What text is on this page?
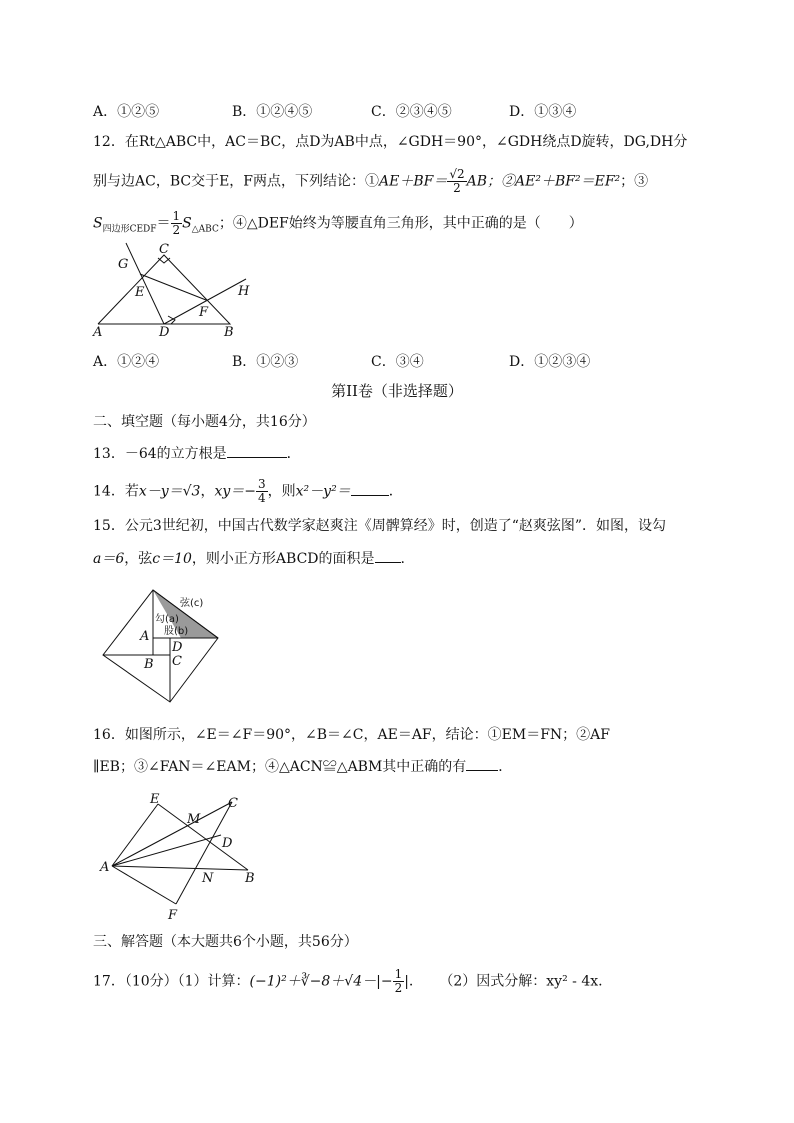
A．①②⑤	B．①②④⑤	C．②③④⑤	D．①③④
12．在Rt△ABC中，AC＝BC，点D为AB中点，∠GDH＝90°，∠GDH绕点D旋转，DG,DH分
别与边AC，BC交于E，F两点，下列结论：①AE＋BF＝ $\frac{√2}{2}$ AB；②AE²＋BF²＝EF²；③
$S_{四边形CEDF}= \frac{1}{2} S_{\triangle ABC}$；④△DEF始终为等腰直角三角形，其中正确的是（　　）
G
C
E	H
F
A	D	B
A．①②④	B．①②③	C．③④	D．①②③④
第II卷（非选择题）
二、填空题（每小题4分，共16分）
13．－64的立方根是	．
14．若x－y＝√3，$xy=- \frac{3}{4}$ ，则x²－y²＝	．
15．公元3世纪初，中国古代数学家赵爽注《周髀算经》时，创造了“赵爽弦图”．如图，设勾
a＝6，弦c＝10，则小正方形ABCD的面积是 .
弦(c)
勾(a)
股(b)
A
D
B C
16．如图所示，∠E＝∠F＝90°，∠B＝∠C，AE＝AF，结论：①EM＝FN；②AF
∥EB；③∠FAN＝∠EAM；④△ACN≌△ABM其中正确的有 ．
E	C
M
D
A
N B
F
三、解答题（本大题共6个小题，共56分）
17．（10分）（1）计算：(−1)²＋∛−8＋√4－|− $\frac{1}{2}$ |. （2）因式分解：xy² - 4x.
